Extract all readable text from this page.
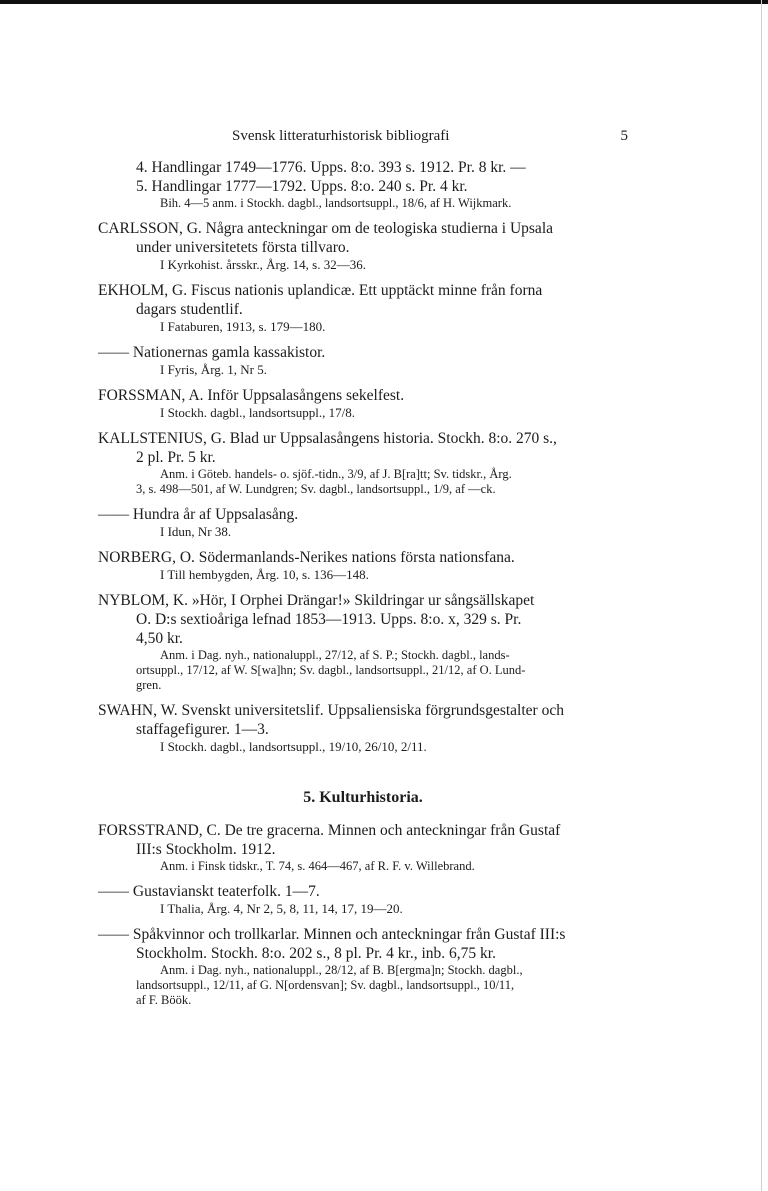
Svensk litteraturhistorisk bibliografi	5
4. Handlingar 1749—1776. Upps. 8:o. 393 s. 1912. Pr. 8 kr. —
5. Handlingar 1777—1792. Upps. 8:o. 240 s. Pr. 4 kr.
Bih. 4—5 anm. i Stockh. dagbl., landsortsuppl., 18/6, af H. Wijkmark.
CARLSSON, G. Några anteckningar om de teologiska studierna i Upsala
under universitetets första tillvaro.
I Kyrkohist. årsskr., Årg. 14, s. 32—36.
EKHOLM, G. Fiscus nationis uplandicæ. Ett upptäckt minne från forna
dagars studentlif.
I Fataburen, 1913, s. 179—180.
—— Nationernas gamla kassakistor.
I Fyris, Årg. 1, Nr 5.
FORSSMAN, A. Inför Uppsalasångens sekelfest.
I Stockh. dagbl., landsortsuppl., 17/8.
KALLSTENIUS, G. Blad ur Uppsalasångens historia. Stockh. 8:o. 270 s.,
2 pl. Pr. 5 kr.
Anm. i Göteb. handels- o. sjöf.-tidn., 3/9, af J. B[ra]tt; Sv. tidskr., Årg.
3, s. 498—501, af W. Lundgren; Sv. dagbl., landsortsuppl., 1/9, af —ck.
—— Hundra år af Uppsalasång.
I Idun, Nr 38.
NORBERG, O. Södermanlands-Nerikes nations första nationsfana.
I Till hembygden, Årg. 10, s. 136—148.
NYBLOM, K. »Hör, I Orphei Drängar!» Skildringar ur sångsällskapet
O. D:s sextioåriga lefnad 1853—1913. Upps. 8:o. x, 329 s. Pr.
4,50 kr.
Anm. i Dag. nyh., nationaluppl., 27/12, af S. P.; Stockh. dagbl., lands-
ortsuppl., 17/12, af W. S[wa]hn; Sv. dagbl., landsortsuppl., 21/12, af O. Lund-
gren.
SWAHN, W. Svenskt universitetslif. Uppsaliensiska förgrundsgestalter och
staffagefigurer. 1—3.
I Stockh. dagbl., landsortsuppl., 19/10, 26/10, 2/11.
5. Kulturhistoria.
FORSSTRAND, C. De tre gracerna. Minnen och anteckningar från Gustaf
III:s Stockholm. 1912.
Anm. i Finsk tidskr., T. 74, s. 464—467, af R. F. v. Willebrand.
—— Gustavianskt teaterfolk. 1—7.
I Thalia, Årg. 4, Nr 2, 5, 8, 11, 14, 17, 19—20.
—— Spåkvinnor och trollkarlar. Minnen och anteckningar från Gustaf III:s
Stockholm. Stockh. 8:o. 202 s., 8 pl. Pr. 4 kr., inb. 6,75 kr.
Anm. i Dag. nyh., nationaluppl., 28/12, af B. B[ergma]n; Stockh. dagbl.,
landsortsuppl., 12/11, af G. N[ordensvan]; Sv. dagbl., landsortsuppl., 10/11,
af F. Böök.
